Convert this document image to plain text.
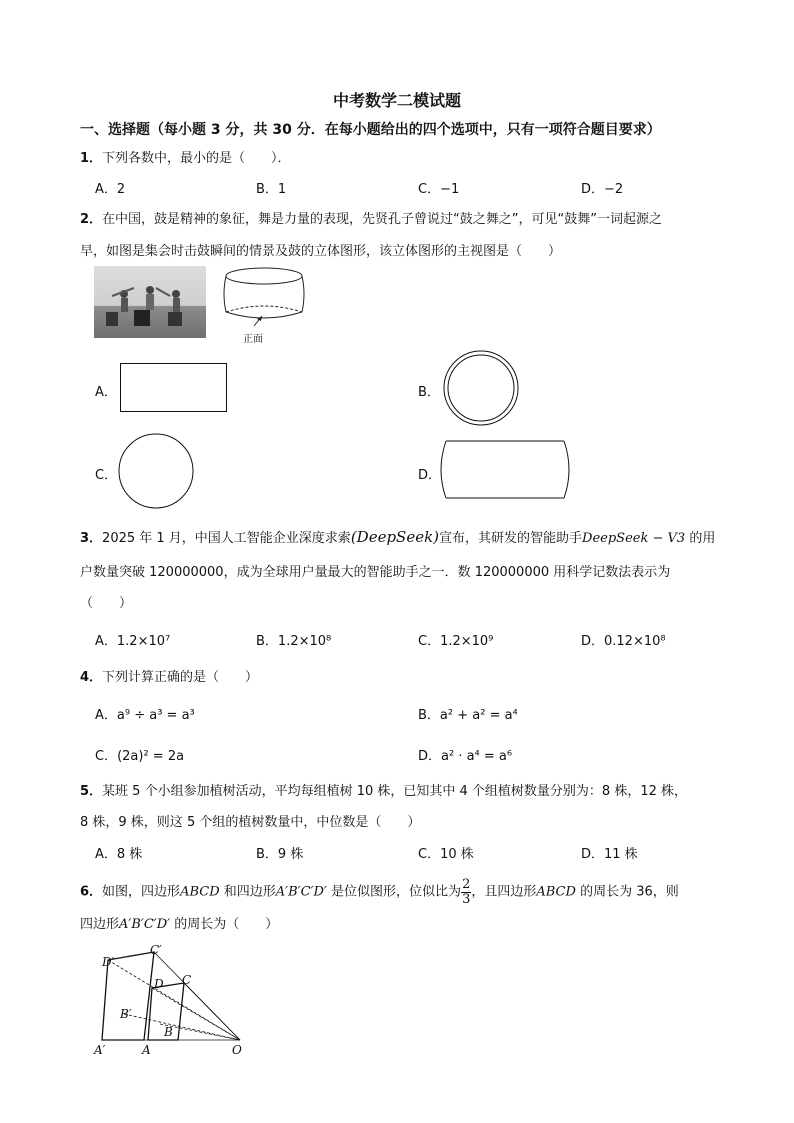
中考数学二模试题
一、选择题（每小题 3 分，共 30 分．在每小题给出的四个选项中，只有一项符合题目要求）
1．下列各数中，最小的是（　　）．
A．2	B．1	C．−1	D．−2
2．在中国，鼓是精神的象征，舞是力量的表现，先贤孔子曾说过“鼓之舞之”，可见“鼓舞”一词起源之
早，如图是集会时击鼓瞬间的情景及鼓的立体图形，该立体图形的主视图是（　　）
正面
A．	B．
C．	D．
3．2025 年 1 月，中国人工智能企业深度求索(DeepSeek)宣布，其研发的智能助手DeepSeek − V3 的用
户数量突破 120000000，成为全球用户量最大的智能助手之一．数 120000000 用科学记数法表示为
（　　）
A．1.2×10⁷	B．1.2×10⁸	C．1.2×10⁹	D．0.12×10⁸
4．下列计算正确的是（　　）
A．a⁹ ÷ a³ = a³	B．a² + a² = a⁴
C．(2a)² = 2a	D．a² · a⁴ = a⁶
5．某班 5 个小组参加植树活动，平均每组植树 10 株，已知其中 4 个组植树数量分别为：8 株，12 株，
8 株，9 株，则这 5 个组的植树数量中，中位数是（　　）
A．8 株	B．9 株	C．10 株	D．11 株
6．如图，四边形ABCD 和四边形A′B′C′D′ 是位似图形，位似比为 $\frac{2}{3}$ ，且四边形ABCD 的周长为 36，则
四边形A′B′C′D′ 的周长为（　　）
D′
C′
D C
B′
B
A′	A	O
